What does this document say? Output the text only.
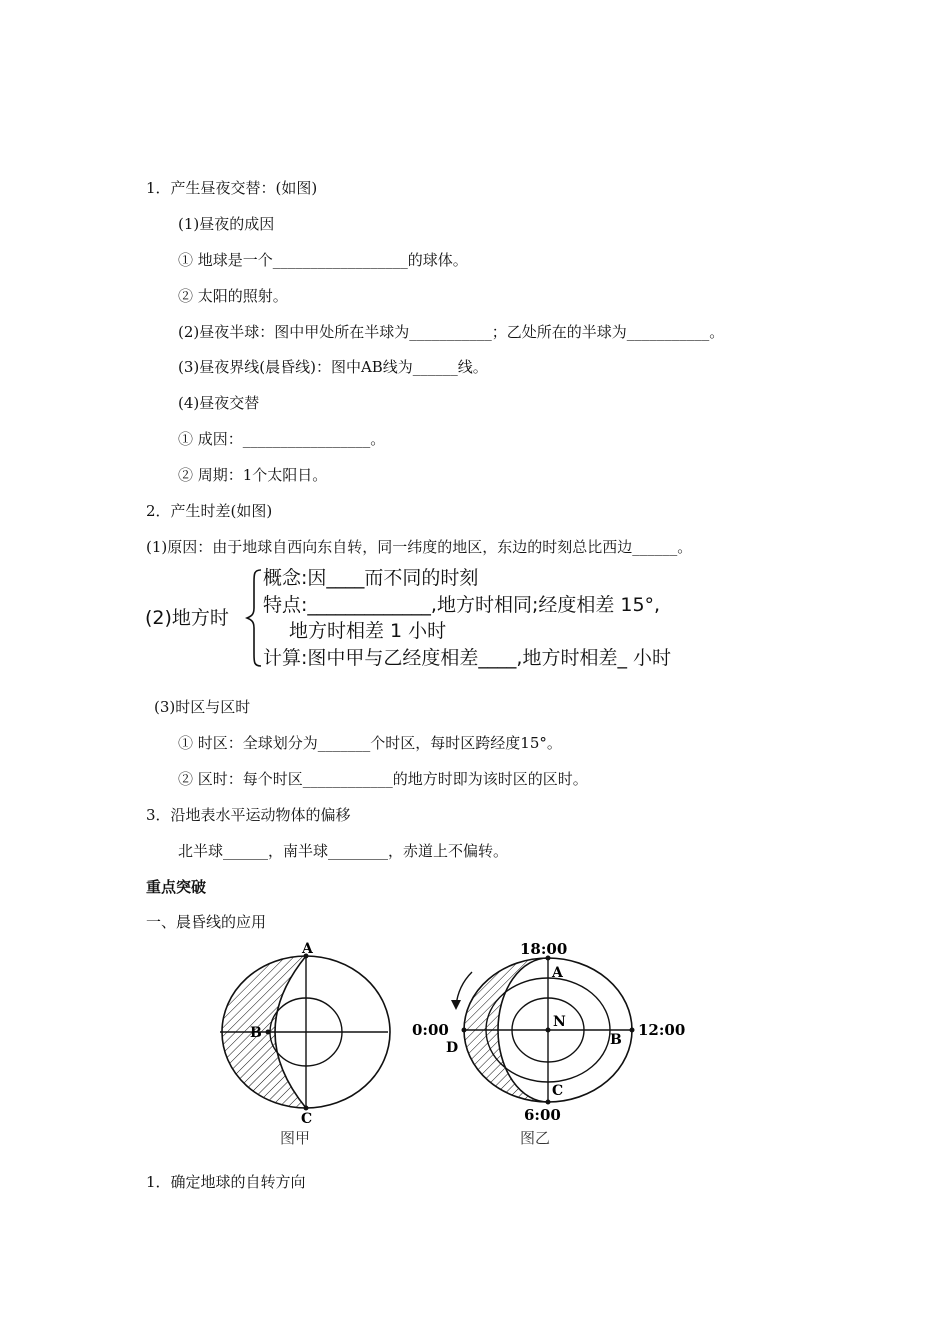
1．产生昼夜交替：(如图)
(1)昼夜的成因
① 地球是一个__________________的球体。
② 太阳的照射。
(2)昼夜半球：图中甲处所在半球为___________；乙处所在的半球为___________。
(3)昼夜界线(晨昏线)：图中AB线为______线。
(4)昼夜交替
① 成因：_________________。
② 周期：1个太阳日。
2．产生时差(如图)
(1)原因：由于地球自西向东自转，同一纬度的地区，东边的时刻总比西边______。
(2)地方时
概念:因____而不同的时刻
特点:_____________,地方时相同;经度相差 15°,
地方时相差 1 小时
计算:图中甲与乙经度相差____,地方时相差_ 小时
(3)时区与区时
① 时区：全球划分为_______个时区，每时区跨经度15°。
② 区时：每个时区____________的地方时即为该时区的区时。
3．沿地表水平运动物体的偏移
北半球______，南半球________，赤道上不偏转。
重点突破
一、晨昏线的应用
A
B
C
图甲
18:00
A
N
0:00
D	B
12:00
C
6:00
图乙
1．确定地球的自转方向
